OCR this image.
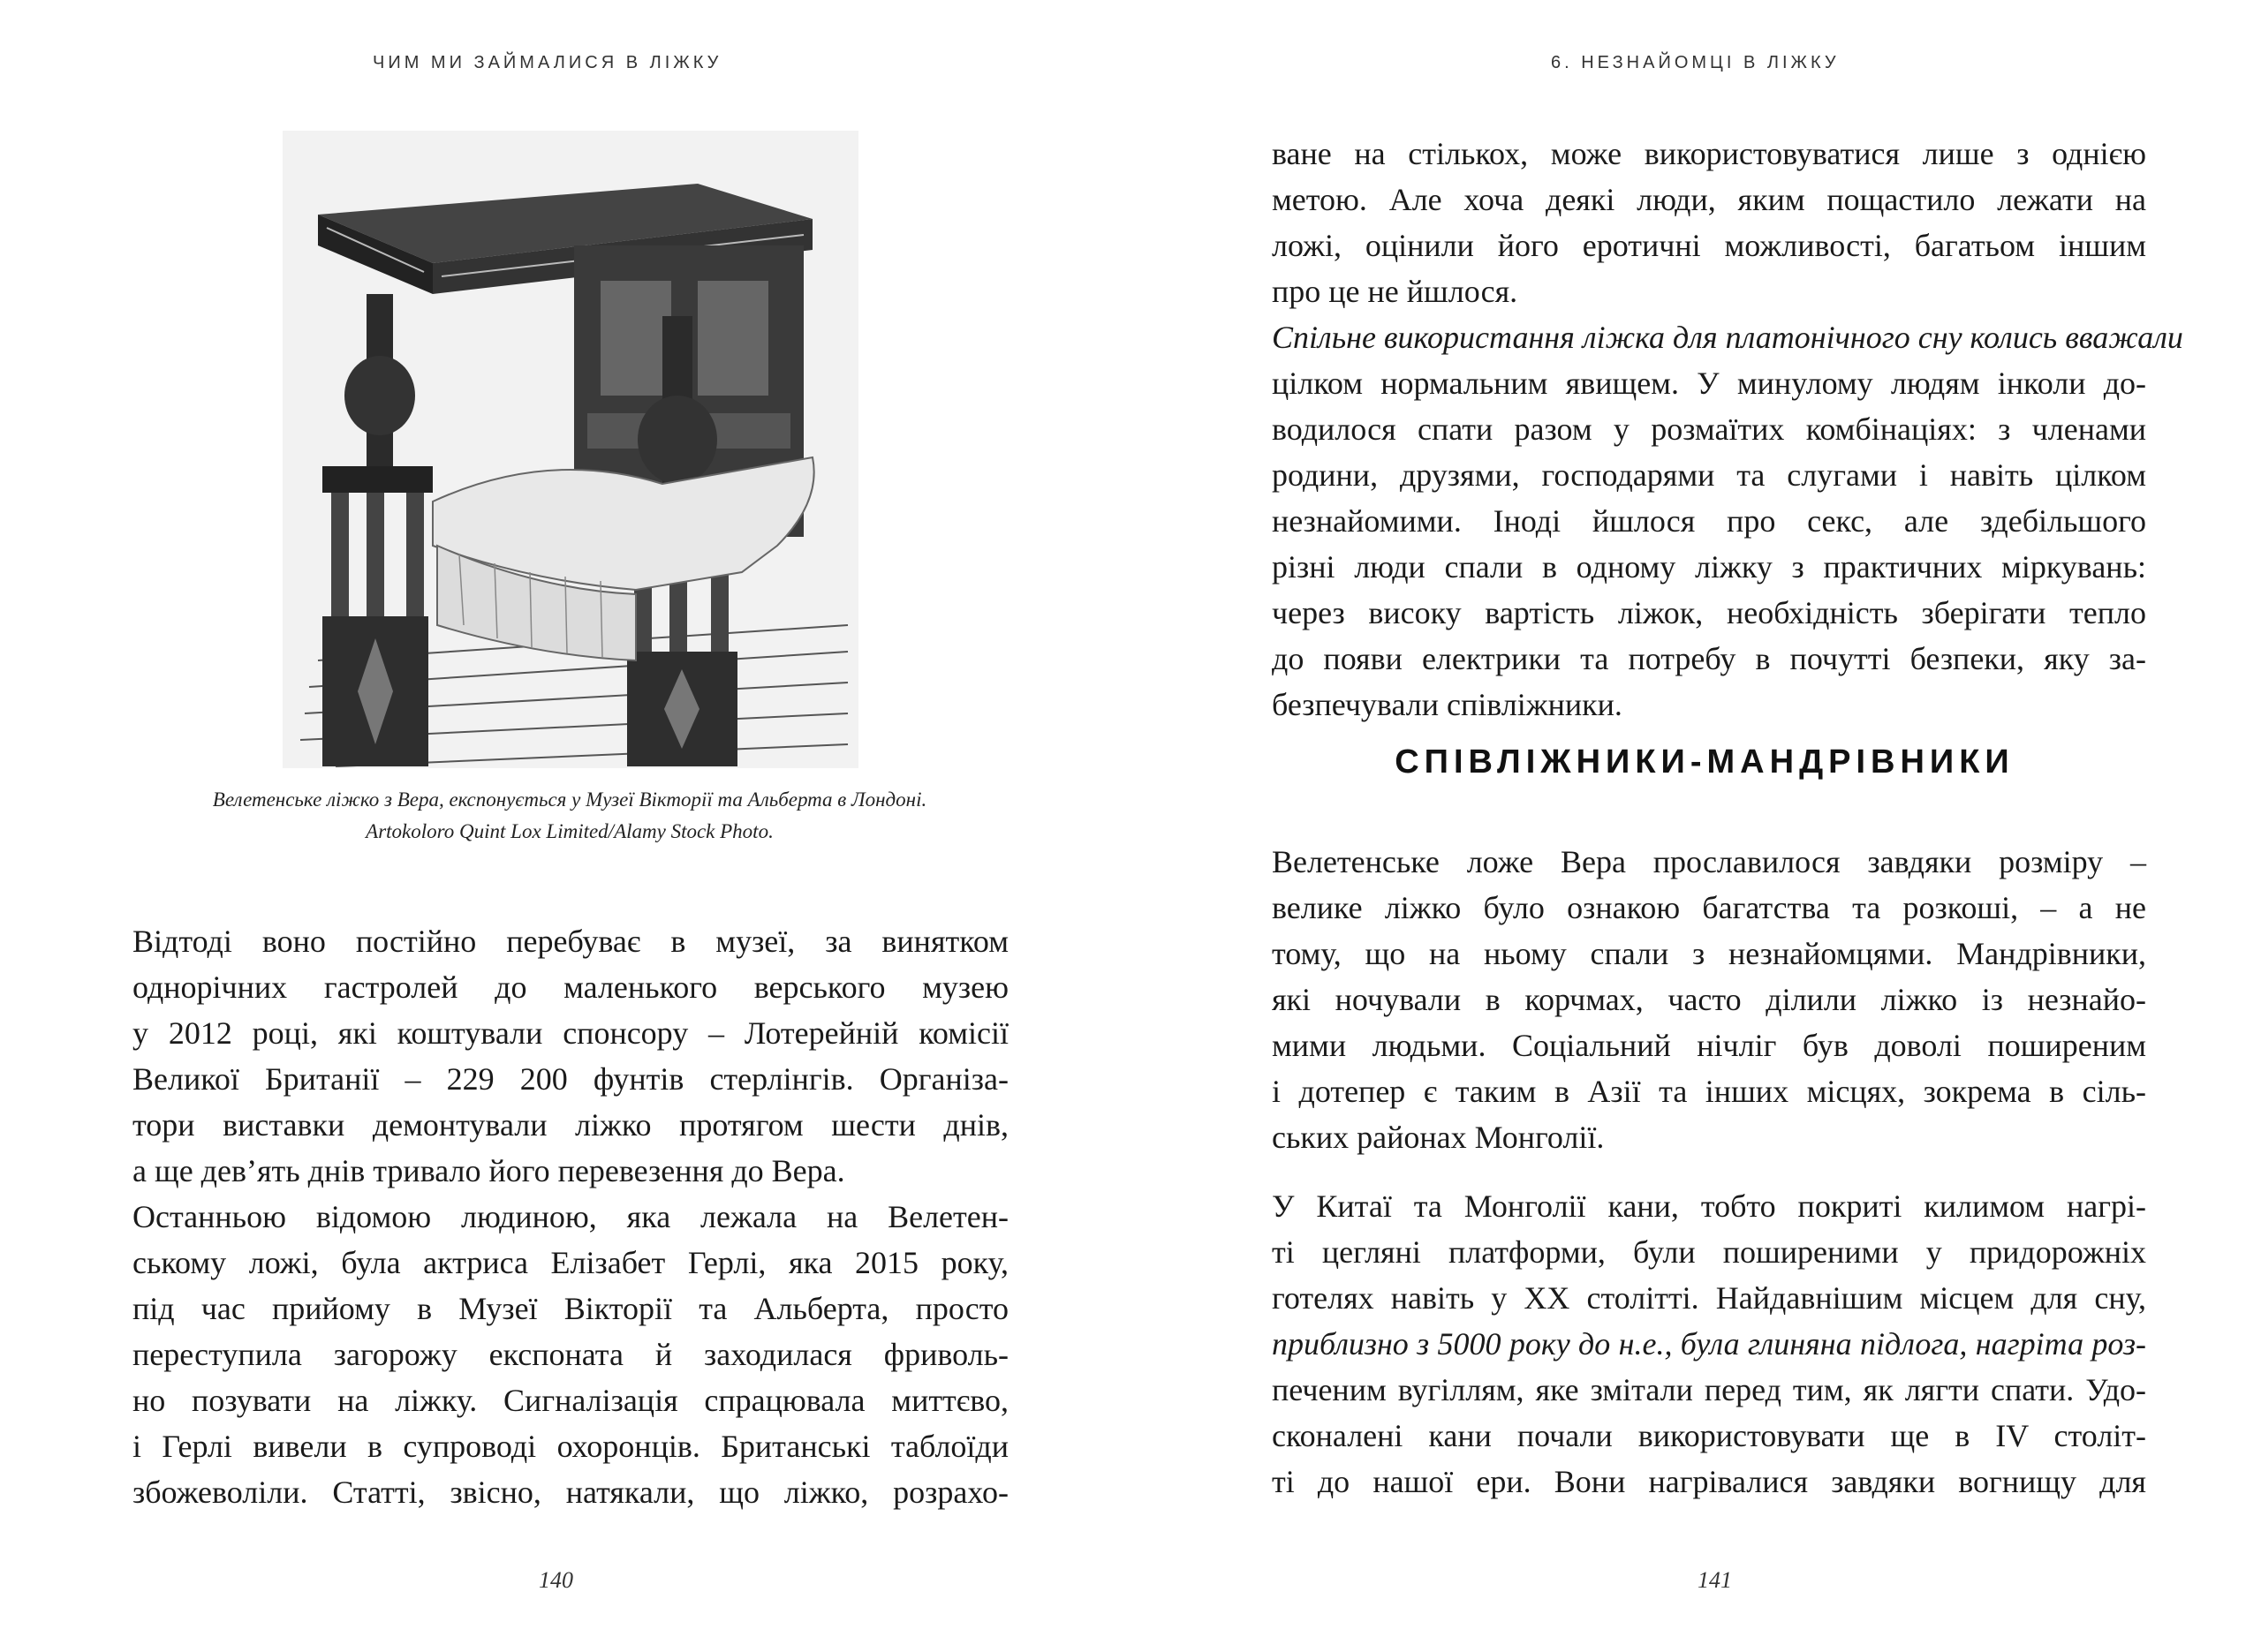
ЧИМ МИ ЗАЙМАЛИСЯ В ЛІЖКУ
Велетенське ліжко з Вера, експонується у Музеї Вікторії та Альберта в Лондоні.
Artokoloro Quint Lox Limited/Alamy Stock Photo.

Відтоді воно постійно перебуває в музеї, за винятком
однорічних гастролей до маленького верського музею
у 2012 році, які коштували спонсору – Лотерейній комісії
Великої Британії – 229 200 фунтів стерлінгів. Організа-
тори виставки демонтували ліжко протягом шести днів,
а ще дев’ять днів тривало його перевезення до Вера.

Останньою відомою людиною, яка лежала на Велетен-
ському ложі, була актриса Елізабет Герлі, яка 2015 року,
під час прийому в Музеї Вікторії та Альберта, просто
переступила загорожу експоната й заходилася фриволь-
но позувати на ліжку. Сигналізація спрацювала миттєво,
і Герлі вивели в супроводі охоронців. Британські таблоїди
збожеволіли. Статті, звісно, натякали, що ліжко, розрахо-

140
6. НЕЗНАЙОМЦІ В ЛІЖКУ

ване на стількох, може використовуватися лише з однією
метою. Але хоча деякі люди, яким пощастило лежати на
ложі, оцінили його еротичні можливості, багатьом іншим
про це не йшлося.

Спільне використання ліжка для платонічного сну колись вважали
цілком нормальним явищем. У минулому людям інколи до-
водилося спати разом у розмаїтих комбінаціях: з членами
родини, друзями, господарями та слугами і навіть цілком
незнайомими. Іноді йшлося про секс, але здебільшого
різні люди спали в одному ліжку з практичних міркувань:
через високу вартість ліжок, необхідність зберігати тепло
до появи електрики та потребу в почутті безпеки, яку за-
безпечували співліжники.

СПІВЛІЖНИКИ-МАНДРІВНИКИ

Велетенське ложе Вера прославилося завдяки розміру –
велике ліжко було ознакою багатства та розкоші, – а не
тому, що на ньому спали з незнайомцями. Мандрівники,
які ночували в корчмах, часто ділили ліжко із незнайо-
мими людьми. Соціальний нічліг був доволі поширеним
і дотепер є таким в Азії та інших місцях, зокрема в сіль-
ських районах Монголії.

У Китаї та Монголії кани, тобто покриті килимом нагрі-
ті цегляні платформи, були поширеними у придорожніх
готелях навіть у XX столітті. Найдавнішим місцем для сну,
приблизно з 5000 року до н.е., була глиняна підлога, нагріта роз-
печеним вугіллям, яке змітали перед тим, як лягти спати. Удо-
сконалені кани почали використовувати ще в IV століт-
ті до нашої ери. Вони нагрівалися завдяки вогнищу для

141
